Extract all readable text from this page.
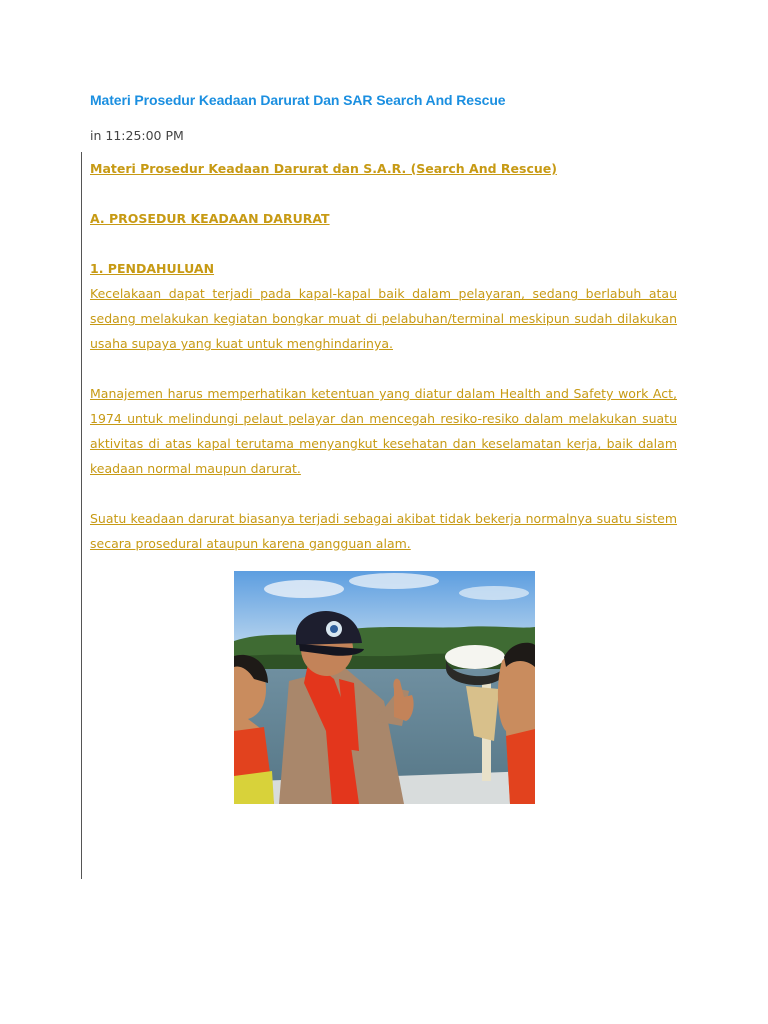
Materi Prosedur Keadaan Darurat Dan SAR Search And Rescue
in 11:25:00 PM

Materi Prosedur Keadaan Darurat dan S.A.R. (Search And Rescue)

A. PROSEDUR KEADAAN DARURAT

1. PENDAHULUAN

Kecelakaan dapat terjadi pada kapal-kapal baik dalam pelayaran, sedang berlabuh atau sedang melakukan kegiatan bongkar muat di pelabuhan/terminal meskipun sudah dilakukan usaha supaya yang kuat untuk menghindarinya.

Manajemen harus memperhatikan ketentuan yang diatur dalam Health and Safety work Act, 1974 untuk melindungi pelaut pelayar dan mencegah resiko-resiko dalam melakukan suatu aktivitas di atas kapal terutama menyangkut kesehatan dan keselamatan kerja, baik dalam keadaan normal maupun darurat.

Suatu keadaan darurat biasanya terjadi sebagai akibat tidak bekerja normalnya suatu sistem secara prosedural ataupun karena gangguan alam.
